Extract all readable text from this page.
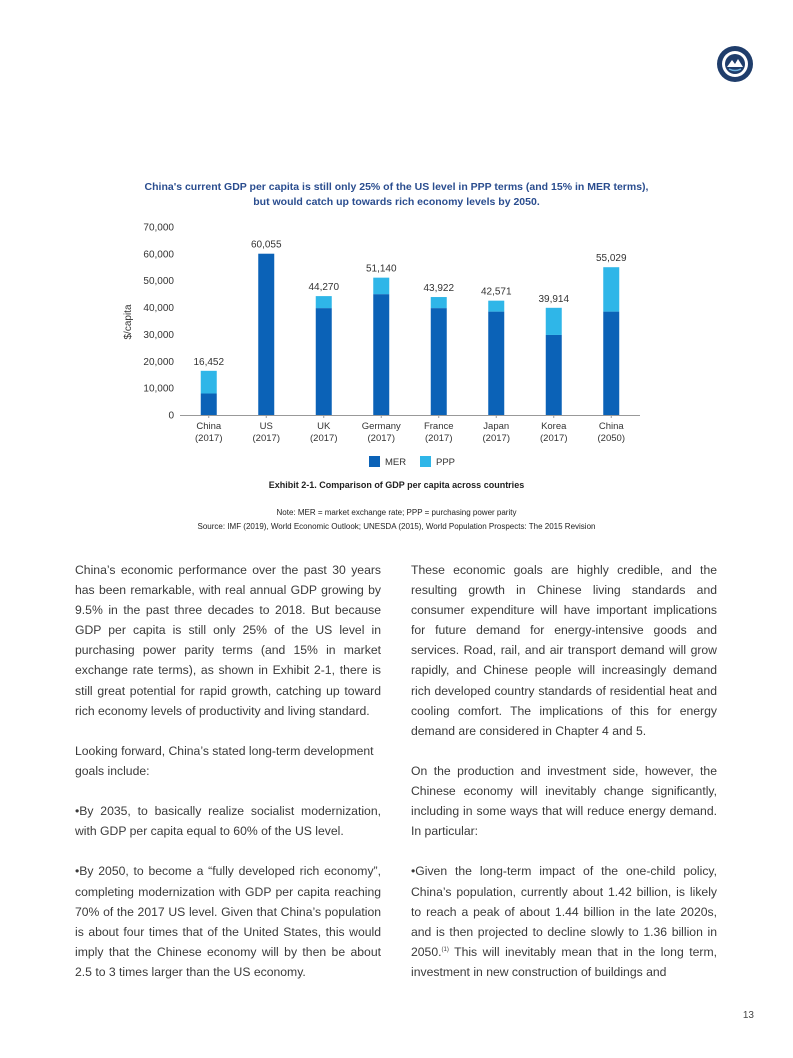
China's current GDP per capita is still only 25% of the US level in PPP terms (and 15% in MER terms),
but would catch up towards rich economy levels by 2050.
0
10,000
20,000
30,000
40,000
50,000
60,000
70,000
$/capita
16,452
China
(2017)
60,055
US
(2017)
44,270
UK
(2017)
51,140
Germany
(2017)
43,922
France
(2017)
42,571
Japan
(2017)
39,914
Korea
(2017)
55,029
China
(2050)
MER	PPP
Exhibit 2-1. Comparison of GDP per capita across countries
Note: MER = market exchange rate; PPP = purchasing power parity
Source: IMF (2019), World Economic Outlook; UNESDA (2015), World Population Prospects: The 2015 Revision

China’s economic performance over the past 30 years has been remarkable, with real annual GDP growing by 9.5% in the past three decades to 2018. But because GDP per capita is still only 25% of the US level in purchasing power parity terms (and 15% in market exchange rate terms), as shown in Exhibit 2-1, there is still great potential for rapid growth, catching up toward rich economy levels of productivity and living standard.

Looking forward, China’s stated long-term development goals include:

•By 2035, to basically realize socialist modernization, with GDP per capita equal to 60% of the US level.

•By 2050, to become a “fully developed rich economy”, completing modernization with GDP per capita reaching 70% of the 2017 US level. Given that China’s population is about four times that of the United States, this would imply that the Chinese economy will by then be about 2.5 to 3 times larger than the US economy.

These economic goals are highly credible, and the resulting growth in Chinese living standards and consumer expenditure will have important implications for future demand for energy-intensive goods and services. Road, rail, and air transport demand will grow rapidly, and Chinese people will increasingly demand rich developed country standards of residential heat and cooling comfort. The implications of this for energy demand are considered in Chapter 4 and 5.

On the production and investment side, however, the Chinese economy will inevitably change significantly, including in some ways that will reduce energy demand. In particular:

•Given the long-term impact of the one-child policy, China’s population, currently about 1.42 billion, is likely to reach a peak of about 1.44 billion in the late 2020s, and is then projected to decline slowly to 1.36 billion in 2050.$^{(1)}$ This will inevitably mean that in the long term, investment in new construction of buildings and

13
